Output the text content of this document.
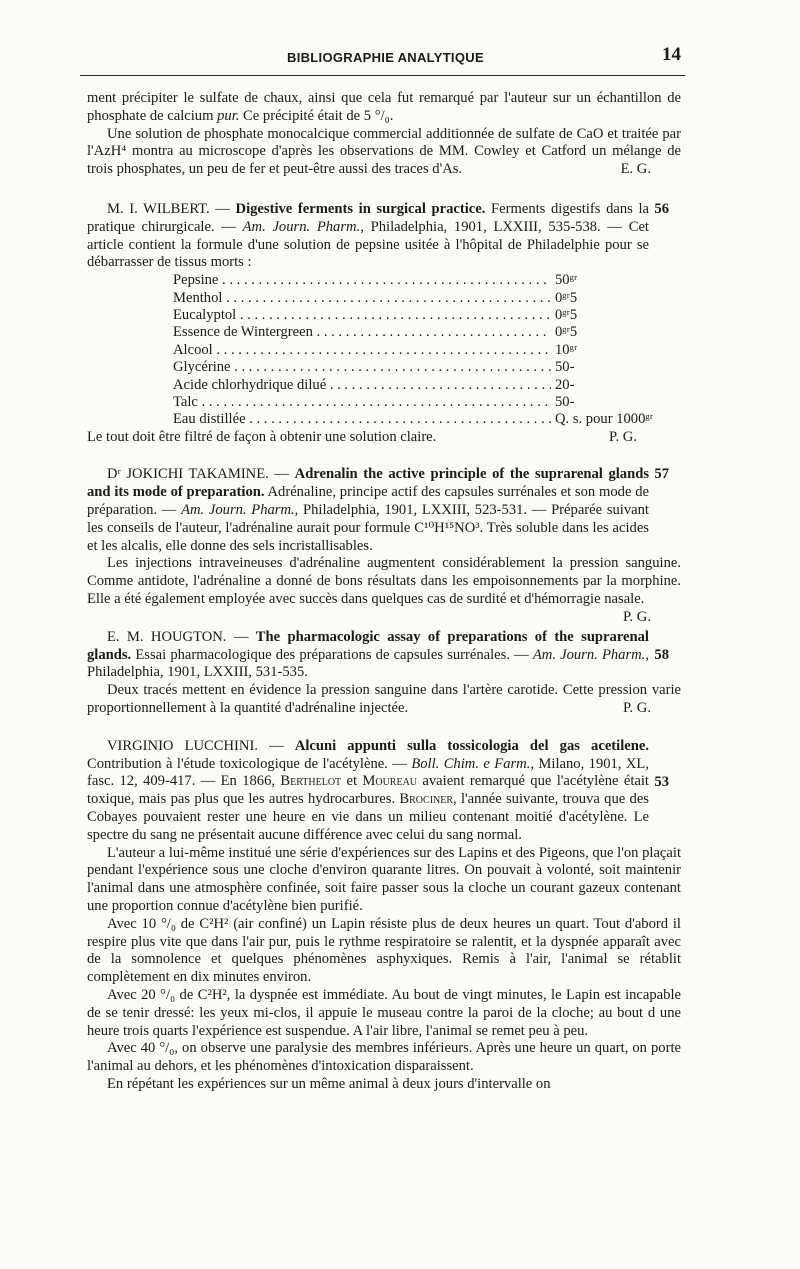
BIBLIOGRAPHIE ANALYTIQUE	14

ment précipiter le sulfate de chaux, ainsi que cela fut remarqué par l'auteur sur un échantillon de phosphate de calcium pur. Ce précipité était de 5 °/₀.

Une solution de phosphate monocalcique commercial additionnée de sulfate de CaO et traitée par l'AzH⁴ montra au microscope d'après les observations de MM. Cowley et Catford un mélange de trois phosphates, un peu de fer et peut-être aussi des traces d'As.	E. G.

56

M. I. WILBERT. — Digestive ferments in surgical practice. Ferments digestifs dans la pratique chirurgicale. — Am. Journ. Pharm., Philadelphia, 1901, LXXIII, 535-538. — Cet article contient la formule d'une solution de pepsine usitée à l'hôpital de Philadelphie pour se débarrasser de tissus morts :

Pepsine . . .	50ᵍʳ
Menthol . . .	0ᵍʳ5
Eucalyptol . . .	0ᵍʳ5
Essence de Wintergreen . . .	0ᵍʳ5
Alcool . . .	10ᵍʳ
Glycérine . . .	50-
Acide chlorhydrique dilué . . .	20-
Talc . . .	50-
Eau distillée . . .	Q. s. pour 1000ᵍʳ

Le tout doit être filtré de façon à obtenir une solution claire.	P. G.

57

Dʳ JOKICHI TAKAMINE. — Adrenalin the active principle of the suprarenal glands and its mode of preparation. Adrénaline, principe actif des capsules surrénales et son mode de préparation. — Am. Journ. Pharm., Philadelphia, 1901, LXXIII, 523-531. — Préparée suivant les conseils de l'auteur, l'adrénaline aurait pour formule C¹⁰H¹⁵NO³. Très soluble dans les acides et les alcalis, elle donne des sels incristallisables.

Les injections intraveineuses d'adrénaline augmentent considérablement la pression sanguine. Comme antidote, l'adrénaline a donné de bons résultats dans les empoisonnements par la morphine. Elle a été également employée avec succès dans quelques cas de surdité et d'hémorragie nasale.
P. G.

58

E. M. HOUGTON. — The pharmacologic assay of preparations of the suprarenal glands. Essai pharmacologique des préparations de capsules surrénales. — Am. Journ. Pharm., Philadelphia, 1901, LXXIII, 531-535.

Deux tracés mettent en évidence la pression sanguine dans l'artère carotide. Cette pression varie proportionnellement à la quantité d'adrénaline injectée.	P. G.

53

VIRGINIO LUCCHINI. — Alcuni appunti sulla tossicologia del gas acetilene. Contribution à l'étude toxicologique de l'acétylène. — Boll. Chim. e Farm., Milano, 1901, XL, fasc. 12, 409-417. — En 1866, Berthelot et Moureau avaient remarqué que l'acétylène était toxique, mais pas plus que les autres hydrocarbures. Brociner, l'année suivante, trouva que des Cobayes pouvaient rester une heure en vie dans un milieu contenant moitié d'acétylène. Le spectre du sang ne présentait aucune différence avec celui du sang normal.

L'auteur a lui-même institué une série d'expériences sur des Lapins et des Pigeons, que l'on plaçait pendant l'expérience sous une cloche d'environ quarante litres. On pouvait à volonté, soit maintenir l'animal dans une atmosphère confinée, soit faire passer sous la cloche un courant gazeux contenant une proportion connue d'acétylène bien purifié.

Avec 10 °/₀ de C²H² (air confiné) un Lapin résiste plus de deux heures un quart. Tout d'abord il respire plus vite que dans l'air pur, puis le rythme respiratoire se ralentit, et la dyspnée apparaît avec de la somnolence et quelques phénomènes asphyxiques. Remis à l'air, l'animal se rétablit complètement en dix minutes environ.

Avec 20 °/₀ de C²H², la dyspnée est immédiate. Au bout de vingt minutes, le Lapin est incapable de se tenir dressé: les yeux mi-clos, il appuie le museau contre la paroi de la cloche; au bout d une heure trois quarts l'expérience est suspendue. A l'air libre, l'animal se remet peu à peu.

Avec 40 °/₀, on observe une paralysie des membres inférieurs. Après une heure un quart, on porte l'animal au dehors, et les phénomènes d'intoxication disparaissent.

En répétant les expériences sur un même animal à deux jours d'intervalle on
